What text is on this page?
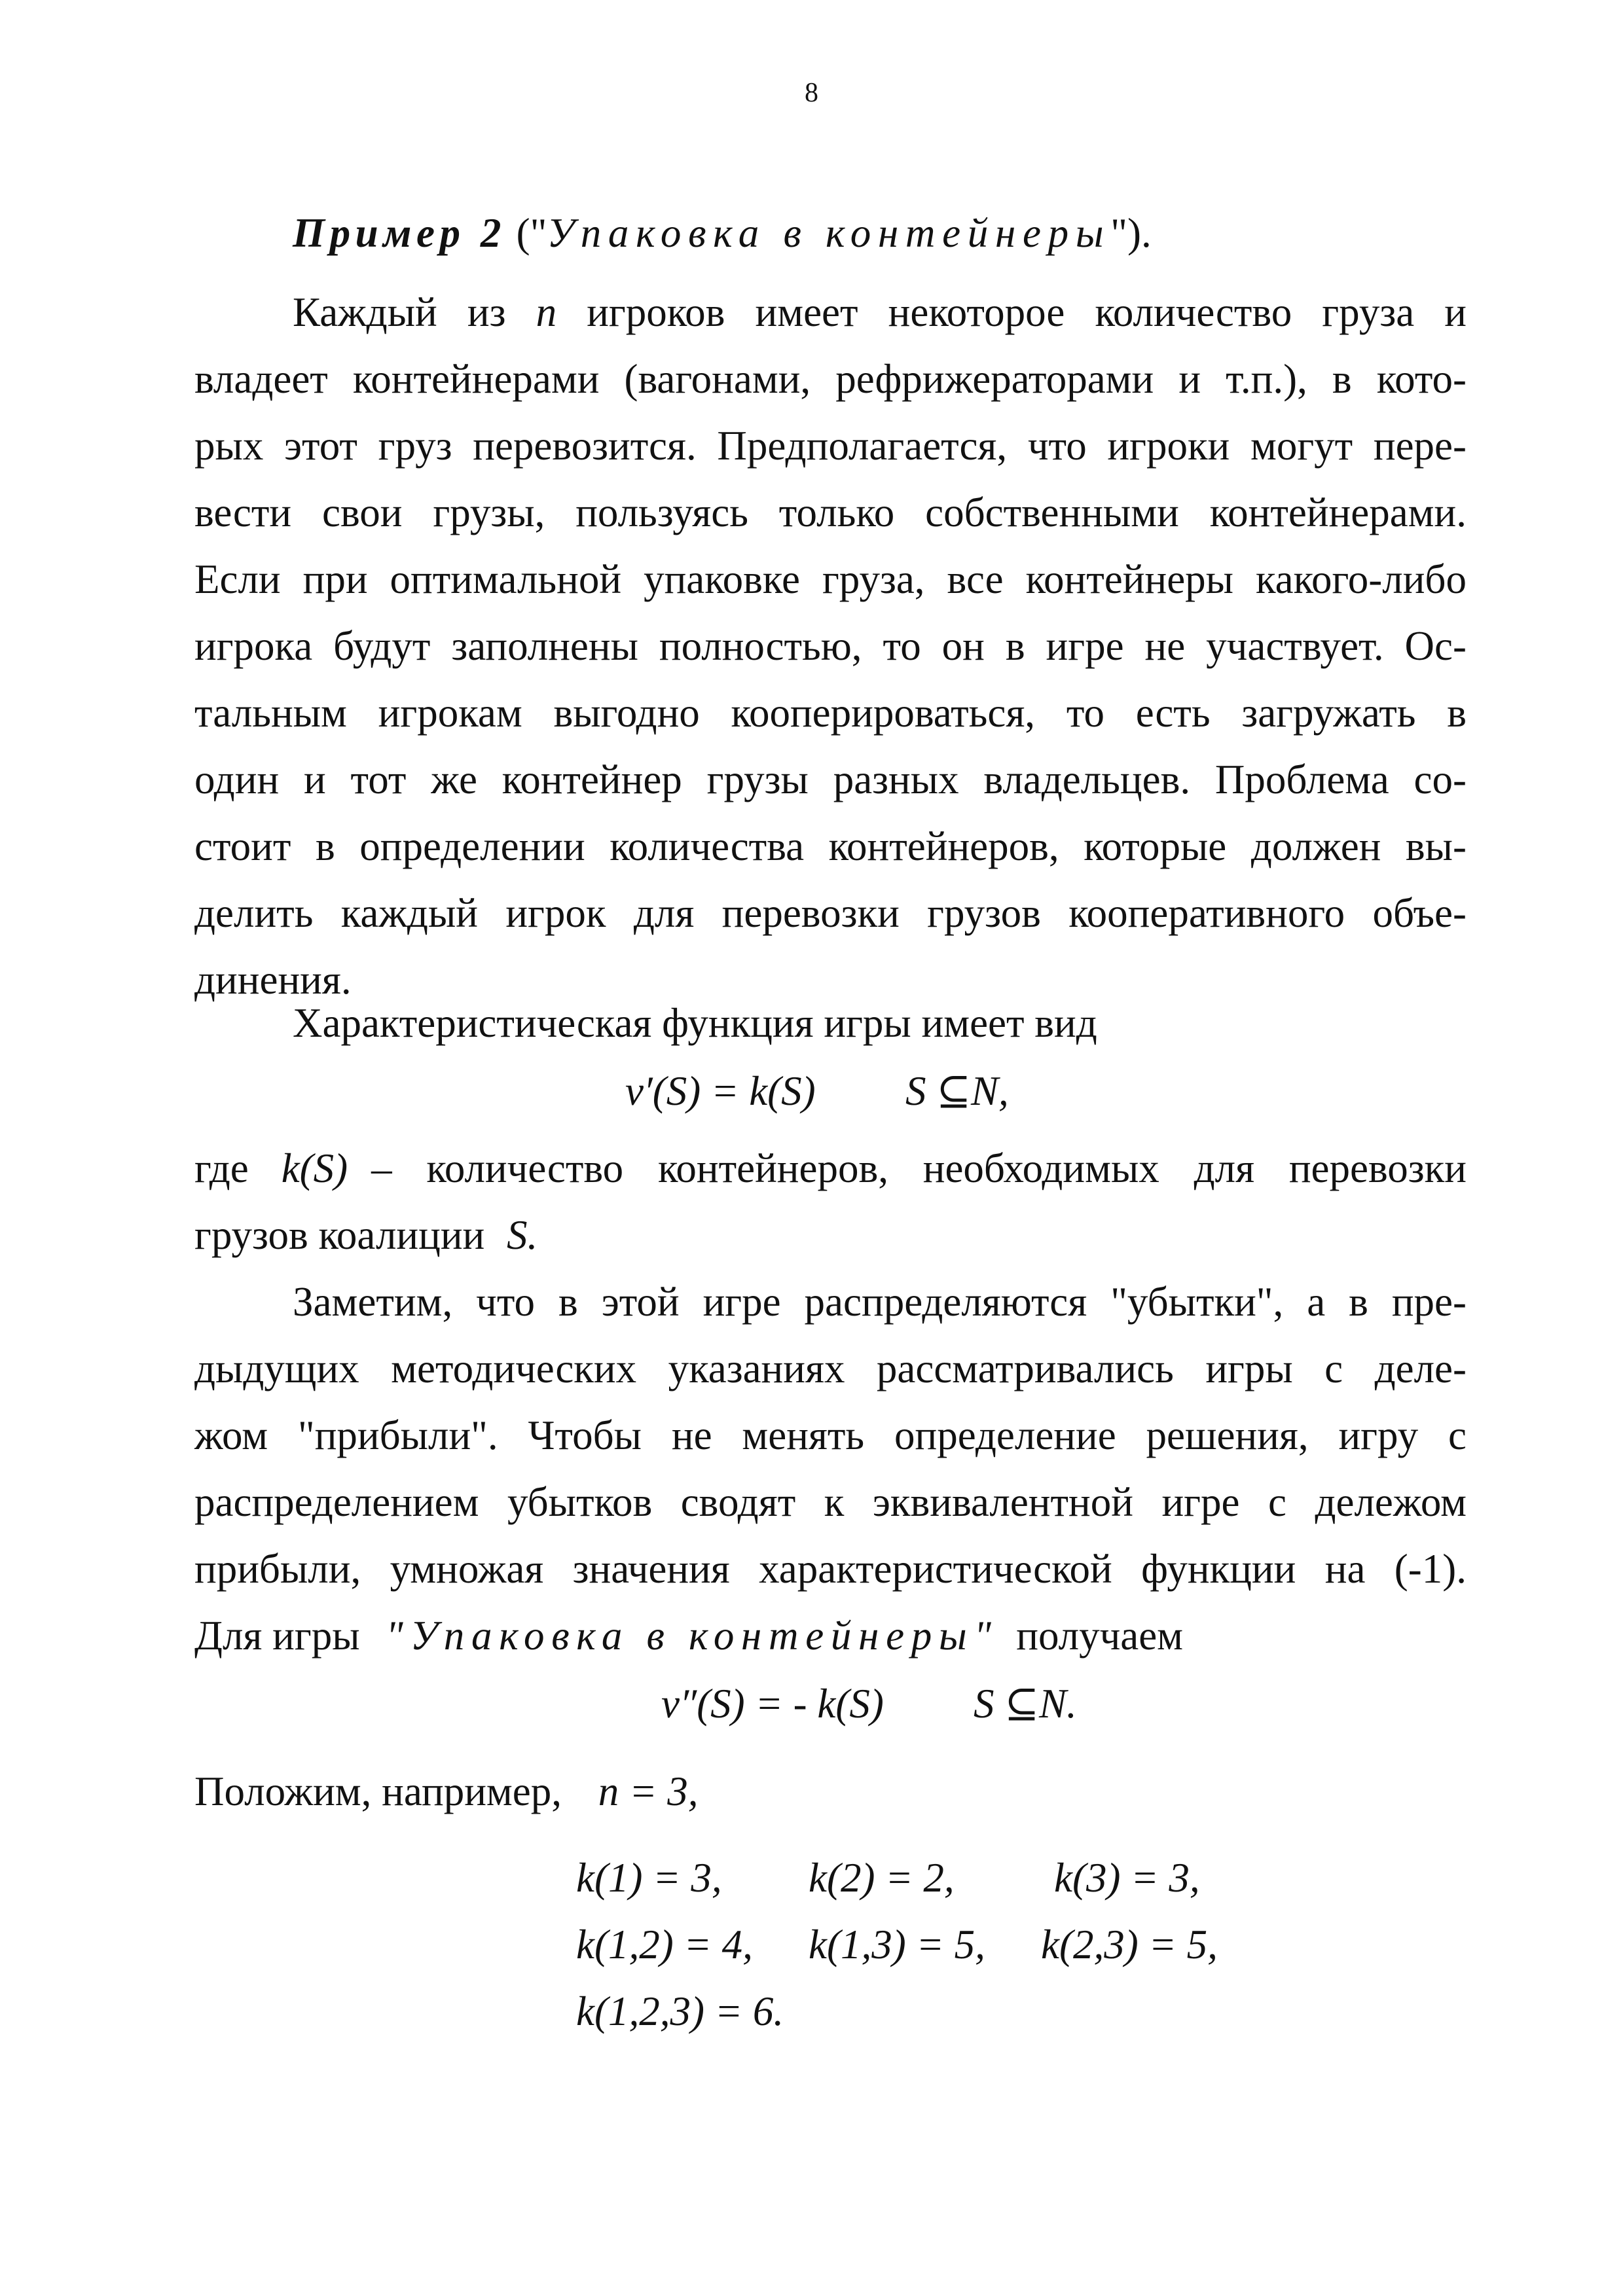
8
Пример 2 ("Упаковка в контейнеры").
Каждый из n игроков имеет некоторое количество груза и
владеет контейнерами (вагонами, рефрижераторами и т.п.), в кото-
рых этот груз перевозится. Предполагается, что игроки могут пере-
вести свои грузы, пользуясь только собственными контейнерами.
Если при оптимальной упаковке груза, все контейнеры какого-либо
игрока будут заполнены полностью, то он в игре не участвует. Ос-
тальным игрокам выгодно кооперироваться, то есть загружать в
один и тот же контейнер грузы разных владельцев. Проблема со-
стоит в определении количества контейнеров, которые должен вы-
делить каждый игрок для перевозки грузов кооперативного объе-
динения.
Характеристическая функция игры имеет вид
ν′(S) = k(S) S ⊆N,
где k(S) – количество контейнеров, необходимых для перевозки
грузов коалиции S.
Заметим, что в этой игре распределяются "убытки", а в пре-
дыдущих методических указаниях рассматривались игры с деле-
жом "прибыли". Чтобы не менять определение решения, игру с
распределением убытков сводят к эквивалентной игре с дележом
прибыли, умножая значения характеристической функции на (-1).
Для игры "Упаковка в контейнеры" получаем
ν″(S) = - k(S) S ⊆N.
Положим, например, n = 3,
k(1) = 3, k(2) = 2, k(3) = 3,
k(1,2) = 4, k(1,3) = 5, k(2,3) = 5,
k(1,2,3) = 6.
